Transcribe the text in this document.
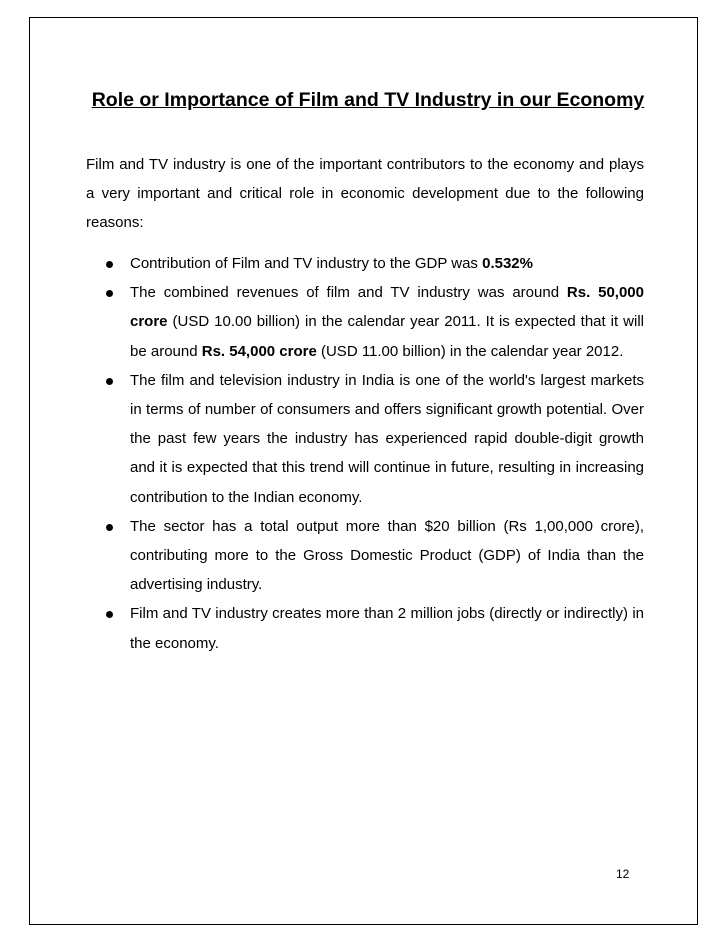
Role or Importance of Film and TV Industry in our Economy
Film and TV industry is one of the important contributors to the economy and plays a very important and critical role in economic development due to the following reasons:
Contribution of Film and TV industry to the GDP was 0.532%
The combined revenues of film and TV industry was around Rs. 50,000 crore (USD 10.00 billion) in the calendar year 2011. It is expected that it will be around Rs. 54,000 crore (USD 11.00 billion) in the calendar year 2012.
The film and television industry in India is one of the world's largest markets in terms of number of consumers and offers significant growth potential. Over the past few years the industry has experienced rapid double-digit growth and it is expected that this trend will continue in future, resulting in increasing contribution to the Indian economy.
The sector has a total output more than $20 billion (Rs 1,00,000 crore), contributing more to the Gross Domestic Product (GDP) of India than the advertising industry.
Film and TV industry creates more than 2 million jobs (directly or indirectly) in the economy.
12
